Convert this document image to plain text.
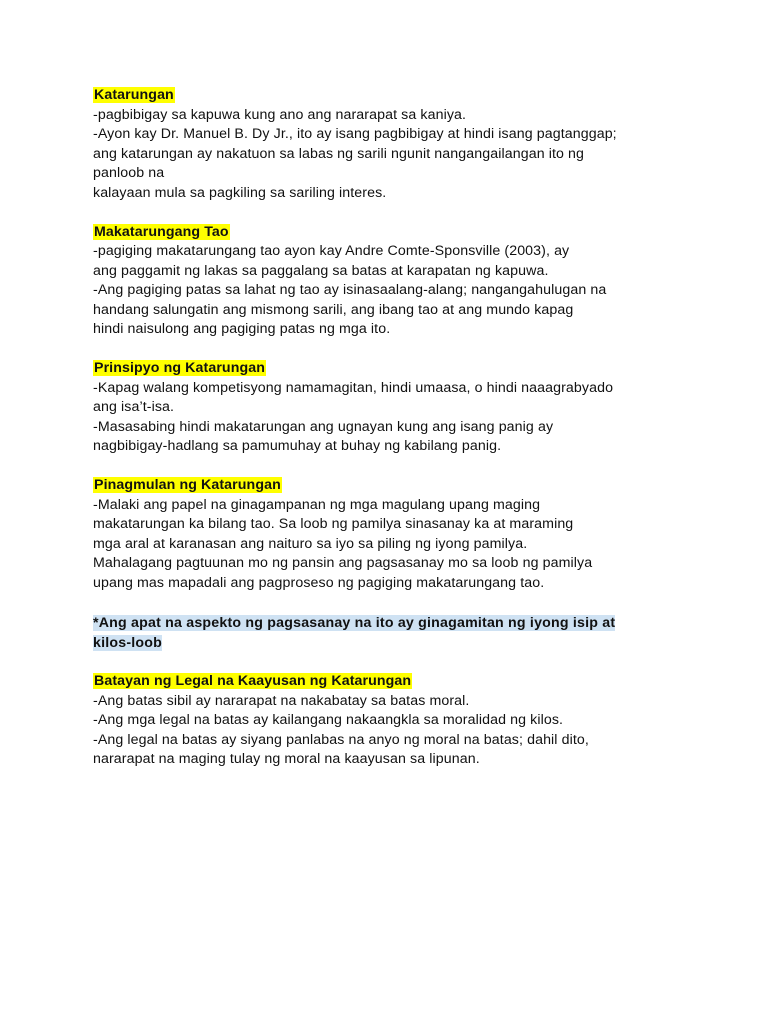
Katarungan
-pagbibigay sa kapuwa kung ano ang nararapat sa kaniya.
-Ayon kay Dr. Manuel B. Dy Jr., ito ay isang pagbibigay at hindi isang pagtanggap;
ang katarungan ay nakatuon sa labas ng sarili ngunit nangangailangan ito ng
panloob na
kalayaan mula sa pagkiling sa sariling interes.
Makatarungang Tao
-pagiging makatarungang tao ayon kay Andre Comte-Sponsville (2003), ay
ang paggamit ng lakas sa paggalang sa batas at karapatan ng kapuwa.
-Ang pagiging patas sa lahat ng tao ay isinasaalang-alang; nangangahulugan na
handang salungatin ang mismong sarili, ang ibang tao at ang mundo kapag
hindi naisulong ang pagiging patas ng mga ito.
Prinsipyo ng Katarungan
-Kapag walang kompetisyong namamagitan, hindi umaasa, o hindi naaagrabyado
ang isa’t-isa.
-Masasabing hindi makatarungan ang ugnayan kung ang isang panig ay
nagbibigay-hadlang sa pamumuhay at buhay ng kabilang panig.
Pinagmulan ng Katarungan
-Malaki ang papel na ginagampanan ng mga magulang upang maging
makatarungan ka bilang tao. Sa loob ng pamilya sinasanay ka at maraming
mga aral at karanasan ang naituro sa iyo sa piling ng iyong pamilya.
Mahalagang pagtuunan mo ng pansin ang pagsasanay mo sa loob ng pamilya
upang mas mapadali ang pagproseso ng pagiging makatarungang tao.
*Ang apat na aspekto ng pagsasanay na ito ay ginagamitan ng iyong isip at
kilos-loob
Batayan ng Legal na Kaayusan ng Katarungan
-Ang batas sibil ay nararapat na nakabatay sa batas moral.
-Ang mga legal na batas ay kailangang nakaangkla sa moralidad ng kilos.
-Ang legal na batas ay siyang panlabas na anyo ng moral na batas; dahil dito,
nararapat na maging tulay ng moral na kaayusan sa lipunan.
